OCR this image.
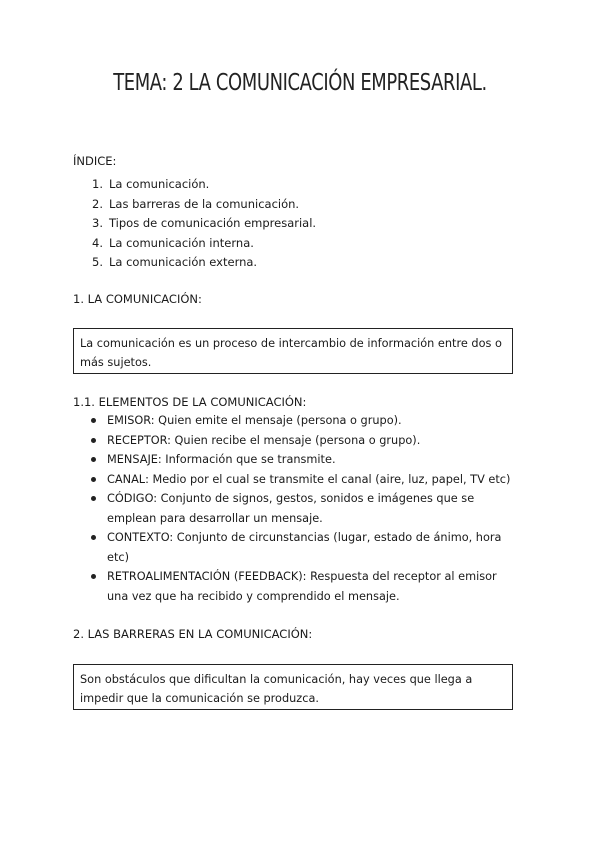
TEMA: 2 LA COMUNICACIÓN EMPRESARIAL.
ÍNDICE:
1. La comunicación.
2. Las barreras de la comunicación.
3. Tipos de comunicación empresarial.
4. La comunicación interna.
5. La comunicación externa.
1. LA COMUNICACIÓN:
La comunicación es un proceso de intercambio de información entre dos o más sujetos.
1.1. ELEMENTOS DE LA COMUNICACIÓN:
EMISOR: Quien emite el mensaje (persona o grupo).
RECEPTOR: Quien recibe el mensaje (persona o grupo).
MENSAJE: Información que se transmite.
CANAL: Medio por el cual se transmite el canal (aire, luz, papel, TV etc)
CÓDIGO: Conjunto de signos, gestos, sonidos e imágenes que se emplean para desarrollar un mensaje.
CONTEXTO: Conjunto de circunstancias (lugar, estado de ánimo, hora etc)
RETROALIMENTACIÓN (FEEDBACK): Respuesta del receptor al emisor una vez que ha recibido y comprendido el mensaje.
2. LAS BARRERAS EN LA COMUNICACIÓN:
Son obstáculos que dificultan la comunicación, hay veces que llega a impedir que la comunicación se produzca.
